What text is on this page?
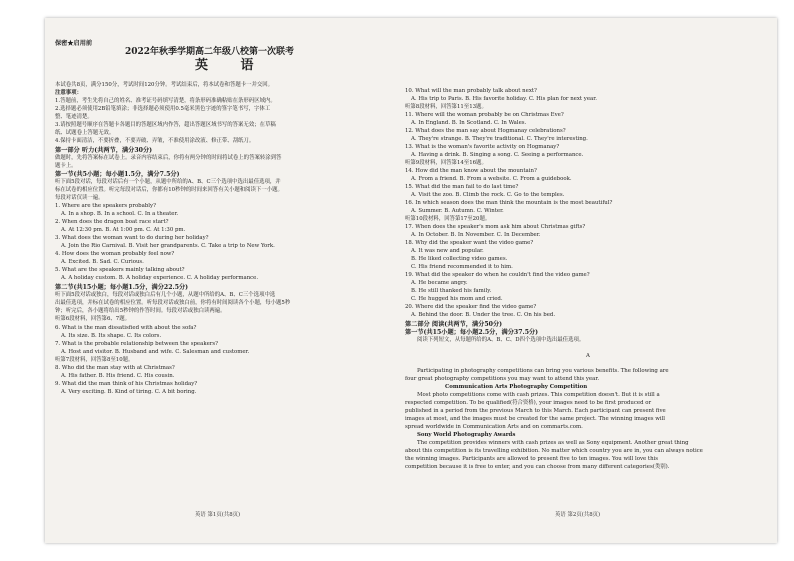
保密★启用前
2022年秋季学期高二年级八校第一次联考
英 语
本试卷共8页，满分150分，考试时间120分钟。考试结束后，将本试卷和答题卡一并交回。
注意事项：
1.答题前，考生先将自己的姓名、准考证号码填写清楚，将条形码准确粘贴在条形码区域内。
2.选择题必须使用2B铅笔填涂；非选择题必须使用0.5毫米黑色字迹的签字笔书写，字体工
整、笔迹清楚。
3.请按照题号顺序在答题卡各题目的答题区域内作答，超出答题区域书写的答案无效；在草稿
纸、试题卷上答题无效。
4.保持卡面清洁，不要折叠，不要弄破、弄皱，不准使用涂改液、修正带、刮纸刀。
第一部分 听力(共两节，满分30分)
做题时，先将答案标在试卷上。录音内容结束后，你将有两分钟的时间将试卷上的答案转涂到答
题卡上。
第一节(共5小题；每小题1.5分，满分7.5分)
听下面5段对话，每段对话后有一个小题，从题中所给的A、B、C三个选项中选出最佳选项，并
标在试卷的相应位置。听完每段对话后，你都有10秒钟的时间来回答有关小题和阅读下一小题。
每段对话仅读一遍。
1. Where are the speakers probably?
A. In a shop. B. In a school. C. In a theater.
2. When does the dragon boat race start?
A. At 12:30 pm. B. At 1:00 pm. C. At 1:30 pm.
3. What does the woman want to do during her holiday?
A. Join the Rio Carnival. B. Visit her grandparents. C. Take a trip to New York.
4. How does the woman probably feel now?
A. Excited. B. Sad. C. Curious.
5. What are the speakers mainly talking about?
A. A holiday custom. B. A holiday experience. C. A holiday performance.
第二节(共15小题；每小题1.5分，满分22.5分)
听下面5段对话或独白，每段对话或独白后有几个小题，从题中所给的A、B、C三个选项中选
出最佳选项，并标在试卷的相应位置。听每段对话或独白前，你将有时间阅读各个小题，每小题5秒
钟；听完后，各小题将给出5秒钟的作答时间。每段对话或独白读两遍。
听第6段材料，回答第6、7题。
6. What is the man dissatisfied with about the sofa?
A. Its size. B. Its shape. C. Its colors.
7. What is the probable relationship between the speakers?
A. Host and visitor. B. Husband and wife. C. Salesman and customer.
听第7段材料，回答第8至10题。
8. Who did the man stay with at Christmas?
A. His father. B. His friend. C. His cousin.
9. What did the man think of his Christmas holiday?
A. Very exciting. B. Kind of tiring. C. A bit boring.
英语 第1页(共8页)
10. What will the man probably talk about next?
A. His trip to Paris. B. His favorite holiday. C. His plan for next year.
听第8段材料，回答第11至13题。
11. Where will the woman probably be on Christmas Eve?
A. In England. B. In Scotland. C. In Wales.
12. What does the man say about Hogmanay celebrations?
A. They're strange. B. They're traditional. C. They're interesting.
13. What is the woman's favorite activity on Hogmanay?
A. Having a drink. B. Singing a song. C. Seeing a performance.
听第9段材料，回答第14至16题。
14. How did the man know about the mountain?
A. From a friend. B. From a website. C. From a guidebook.
15. What did the man fail to do last time?
A. Visit the zoo. B. Climb the rock. C. Go to the temples.
16. In which season does the man think the mountain is the most beautiful?
A. Summer. B. Autumn. C. Winter.
听第10段材料，回答第17至20题。
17. When does the speaker's mom ask him about Christmas gifts?
A. In October. B. In November. C. In December.
18. Why did the speaker want the video game?
A. It was new and popular.
B. He liked collecting video games.
C. His friend recommended it to him.
19. What did the speaker do when he couldn't find the video game?
A. He became angry.
B. He still thanked his family.
C. He hugged his mom and cried.
20. Where did the speaker find the video game?
A. Behind the door. B. Under the tree. C. On his bed.
第二部分 阅读(共两节，满分50分)
第一节(共15小题；每小题2.5分，满分37.5分)
阅读下列短文，从每题所给的A、B、C、D四个选项中选出最佳选项。
A
Participating in photography competitions can bring you various benefits. The following are
four great photography competitions you may want to attend this year.
Communication Arts Photography Competition
Most photo competitions come with cash prizes. This competition doesn't. But it is still a
respected competition. To be qualified(符合资格), your images need to be first produced or
published in a period from the previous March to this March. Each participant can present five
images at most, and the images must be created for the same project. The winning images will
spread worldwide in Communication Arts and on commarts.com.
Sony World Photography Awards
The competition provides winners with cash prizes as well as Sony equipment. Another great thing
about this competition is its travelling exhibition. No matter which country you are in, you can always notice
the winning images. Participants are allowed to present five to ten images. You will love this
competition because it is free to enter, and you can choose from many different categories(类别).
英语 第2页(共8页)
